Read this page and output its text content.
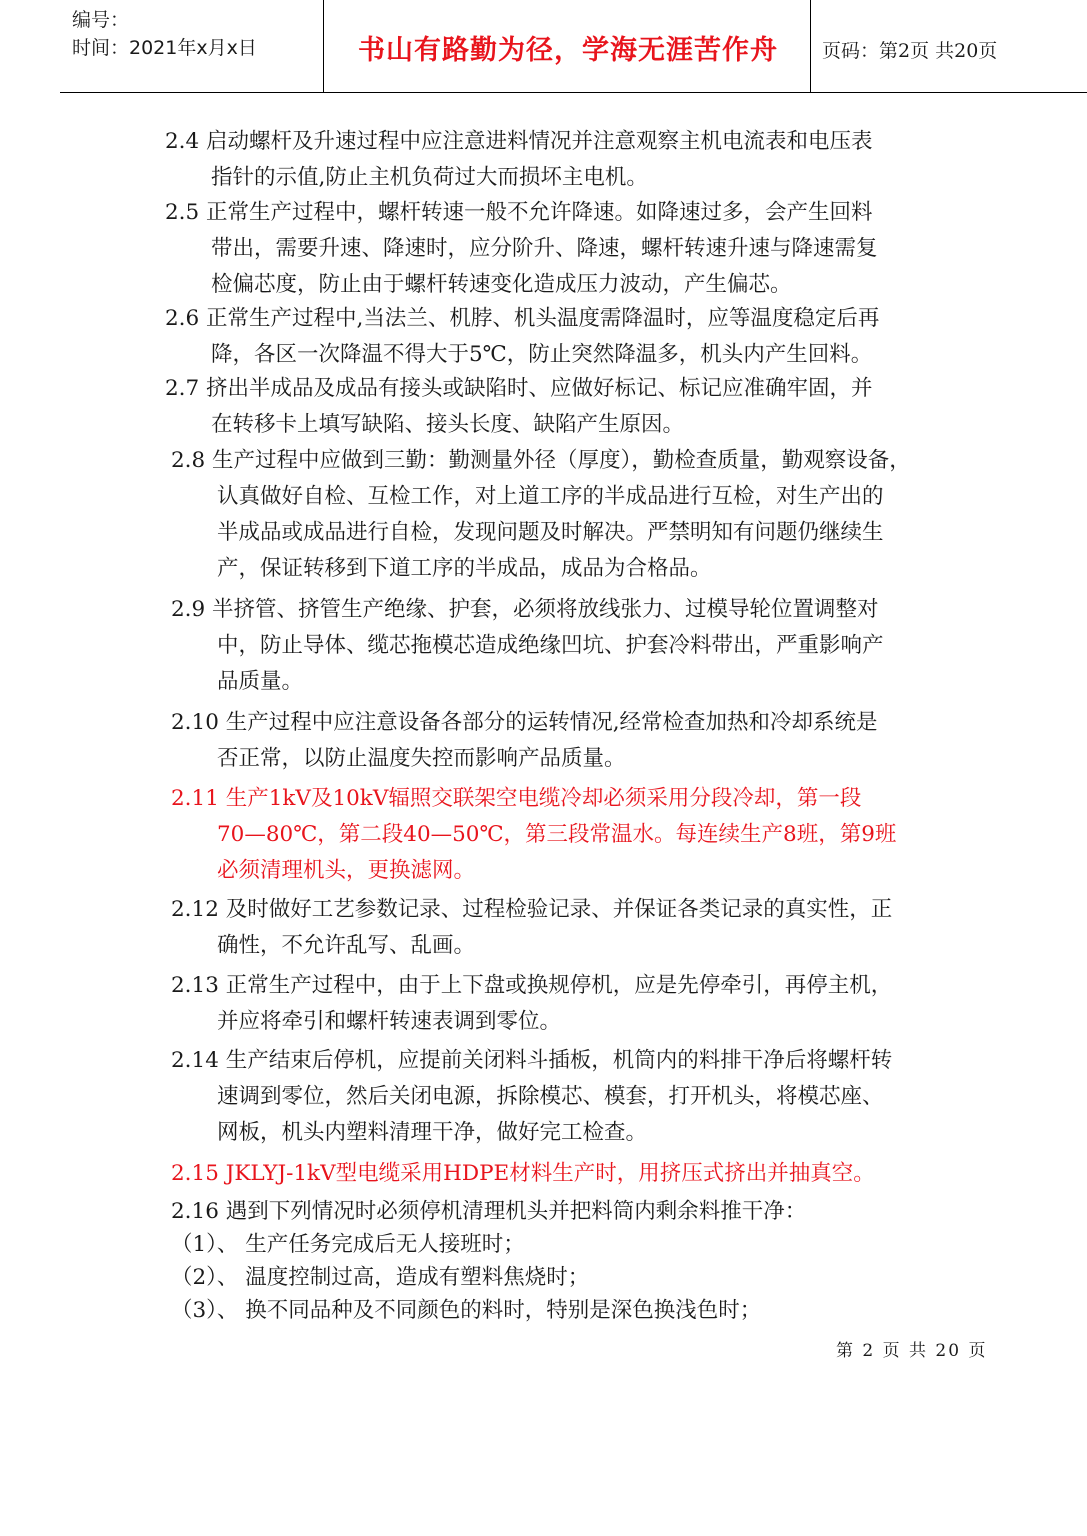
编号：
时间：2021年x月x日	书山有路勤为径，学海无涯苦作舟	页码：第2页 共20页
2.4 启动螺杆及升速过程中应注意进料情况并注意观察主机电流表和电压表
指针的示值,防止主机负荷过大而损坏主电机。
2.5 正常生产过程中，螺杆转速一般不允许降速。如降速过多，会产生回料
带出，需要升速、降速时，应分阶升、降速，螺杆转速升速与降速需复
检偏芯度，防止由于螺杆转速变化造成压力波动，产生偏芯。
2.6 正常生产过程中,当法兰、机脖、机头温度需降温时，应等温度稳定后再
降，各区一次降温不得大于5℃，防止突然降温多，机头内产生回料。
2.7 挤出半成品及成品有接头或缺陷时、应做好标记、标记应准确牢固，并
在转移卡上填写缺陷、接头长度、缺陷产生原因。
2.8 生产过程中应做到三勤：勤测量外径（厚度），勤检查质量，勤观察设备，
认真做好自检、互检工作，对上道工序的半成品进行互检，对生产出的
半成品或成品进行自检，发现问题及时解决。严禁明知有问题仍继续生
产，保证转移到下道工序的半成品，成品为合格品。
2.9 半挤管、挤管生产绝缘、护套，必须将放线张力、过模导轮位置调整对
中，防止导体、缆芯拖模芯造成绝缘凹坑、护套冷料带出，严重影响产
品质量。
2.10 生产过程中应注意设备各部分的运转情况,经常检查加热和冷却系统是
否正常，以防止温度失控而影响产品质量。
2.11 生产1kV及10kV辐照交联架空电缆冷却必须采用分段冷却，第一段
70—80℃，第二段40—50℃，第三段常温水。每连续生产8班，第9班
必须清理机头，更换滤网。
2.12 及时做好工艺参数记录、过程检验记录、并保证各类记录的真实性，正
确性，不允许乱写、乱画。
2.13 正常生产过程中，由于上下盘或换规停机，应是先停牵引，再停主机，
并应将牵引和螺杆转速表调到零位。
2.14 生产结束后停机，应提前关闭料斗插板，机筒内的料排干净后将螺杆转
速调到零位，然后关闭电源，拆除模芯、模套，打开机头，将模芯座、
网板，机头内塑料清理干净，做好完工检查。
2.15 JKLYJ-1kV型电缆采用HDPE材料生产时，用挤压式挤出并抽真空。
2.16 遇到下列情况时必须停机清理机头并把料筒内剩余料推干净：
（1）、 生产任务完成后无人接班时；
（2）、 温度控制过高，造成有塑料焦烧时；
（3）、 换不同品种及不同颜色的料时，特别是深色换浅色时；
第 2 页 共 20 页
